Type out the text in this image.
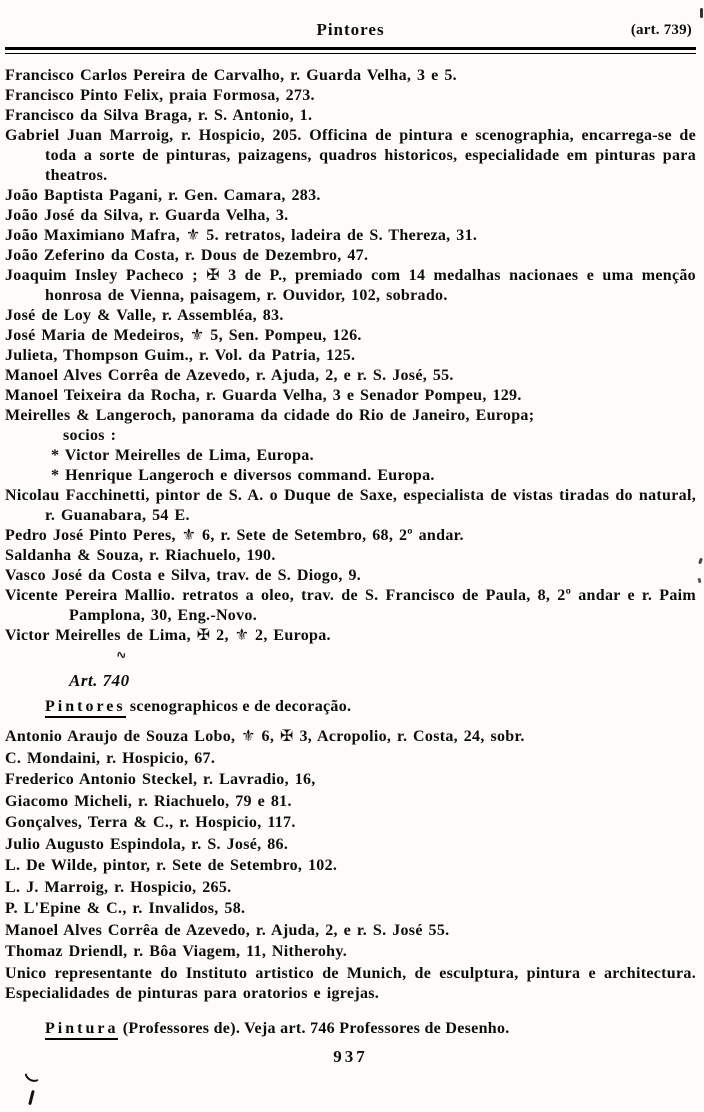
Pintores	(art. 739)

Francisco Carlos Pereira de Carvalho, r. Guarda Velha, 3 e 5.

Francisco Pinto Felix, praia Formosa, 273.

Francisco da Silva Braga, r. S. Antonio, 1.

Gabriel Juan Marroig, r. Hospicio, 205. Officina de pintura e scenographia, encarrega-se de toda a sorte de pinturas, paizagens, quadros historicos, especialidade em pinturas para theatros.

João Baptista Pagani, r. Gen. Camara, 283.

João José da Silva, r. Guarda Velha, 3.

João Maximiano Mafra, ⚜ 5. retratos, ladeira de S. Thereza, 31.

João Zeferino da Costa, r. Dous de Dezembro, 47.

Joaquim Insley Pacheco ; ✠ 3 de P., premiado com 14 medalhas nacionaes e uma menção honrosa de Vienna, paisagem, r. Ouvidor, 102, sobrado.

José de Loy & Valle, r. Assembléa, 83.

José Maria de Medeiros, ⚜ 5, Sen. Pompeu, 126.

Julieta, Thompson Guim., r. Vol. da Patria, 125.

Manoel Alves Corrêa de Azevedo, r. Ajuda, 2, e r. S. José, 55.

Manoel Teixeira da Rocha, r. Guarda Velha, 3 e Senador Pompeu, 129.

Meirelles & Langeroch, panorama da cidade do Rio de Janeiro, Europa;

socios :

* Victor Meirelles de Lima, Europa.

* Henrique Langeroch e diversos command. Europa.

Nicolau Facchinetti, pintor de S. A. o Duque de Saxe, especialista de vistas tiradas do natural, r. Guanabara, 54 E.

Pedro José Pinto Peres, ⚜ 6, r. Sete de Setembro, 68, 2º andar.

Saldanha & Souza, r. Riachuelo, 190.

Vasco José da Costa e Silva, trav. de S. Diogo, 9.

Vicente Pereira Mallio. retratos a oleo, trav. de S. Francisco de Paula, 8, 2º andar e r. Paim Pamplona, 30, Eng.-Novo.

Victor Meirelles de Lima, ✠ 2, ⚜ 2, Europa.

Art. 740
Pintores scenographicos e de decoração.

Antonio Araujo de Souza Lobo, ⚜ 6, ✠ 3, Acropolio, r. Costa, 24, sobr.

C. Mondaini, r. Hospicio, 67.

Frederico Antonio Steckel, r. Lavradio, 16,

Giacomo Micheli, r. Riachuelo, 79 e 81.

Gonçalves, Terra & C., r. Hospicio, 117.

Julio Augusto Espindola, r. S. José, 86.

L. De Wilde, pintor, r. Sete de Setembro, 102.

L. J. Marroig, r. Hospicio, 265.

P. L'Epine & C., r. Invalidos, 58.

Manoel Alves Corrêa de Azevedo, r. Ajuda, 2, e r. S. José 55.

Thomaz Driendl, r. Bôa Viagem, 11, Nitherohy.

Unico representante do Instituto artistico de Munich, de esculptura, pintura e architectura. Especialidades de pinturas para oratorios e igrejas.

Pintura (Professores de). Veja art. 746 Professores de Desenho.
937
∿
